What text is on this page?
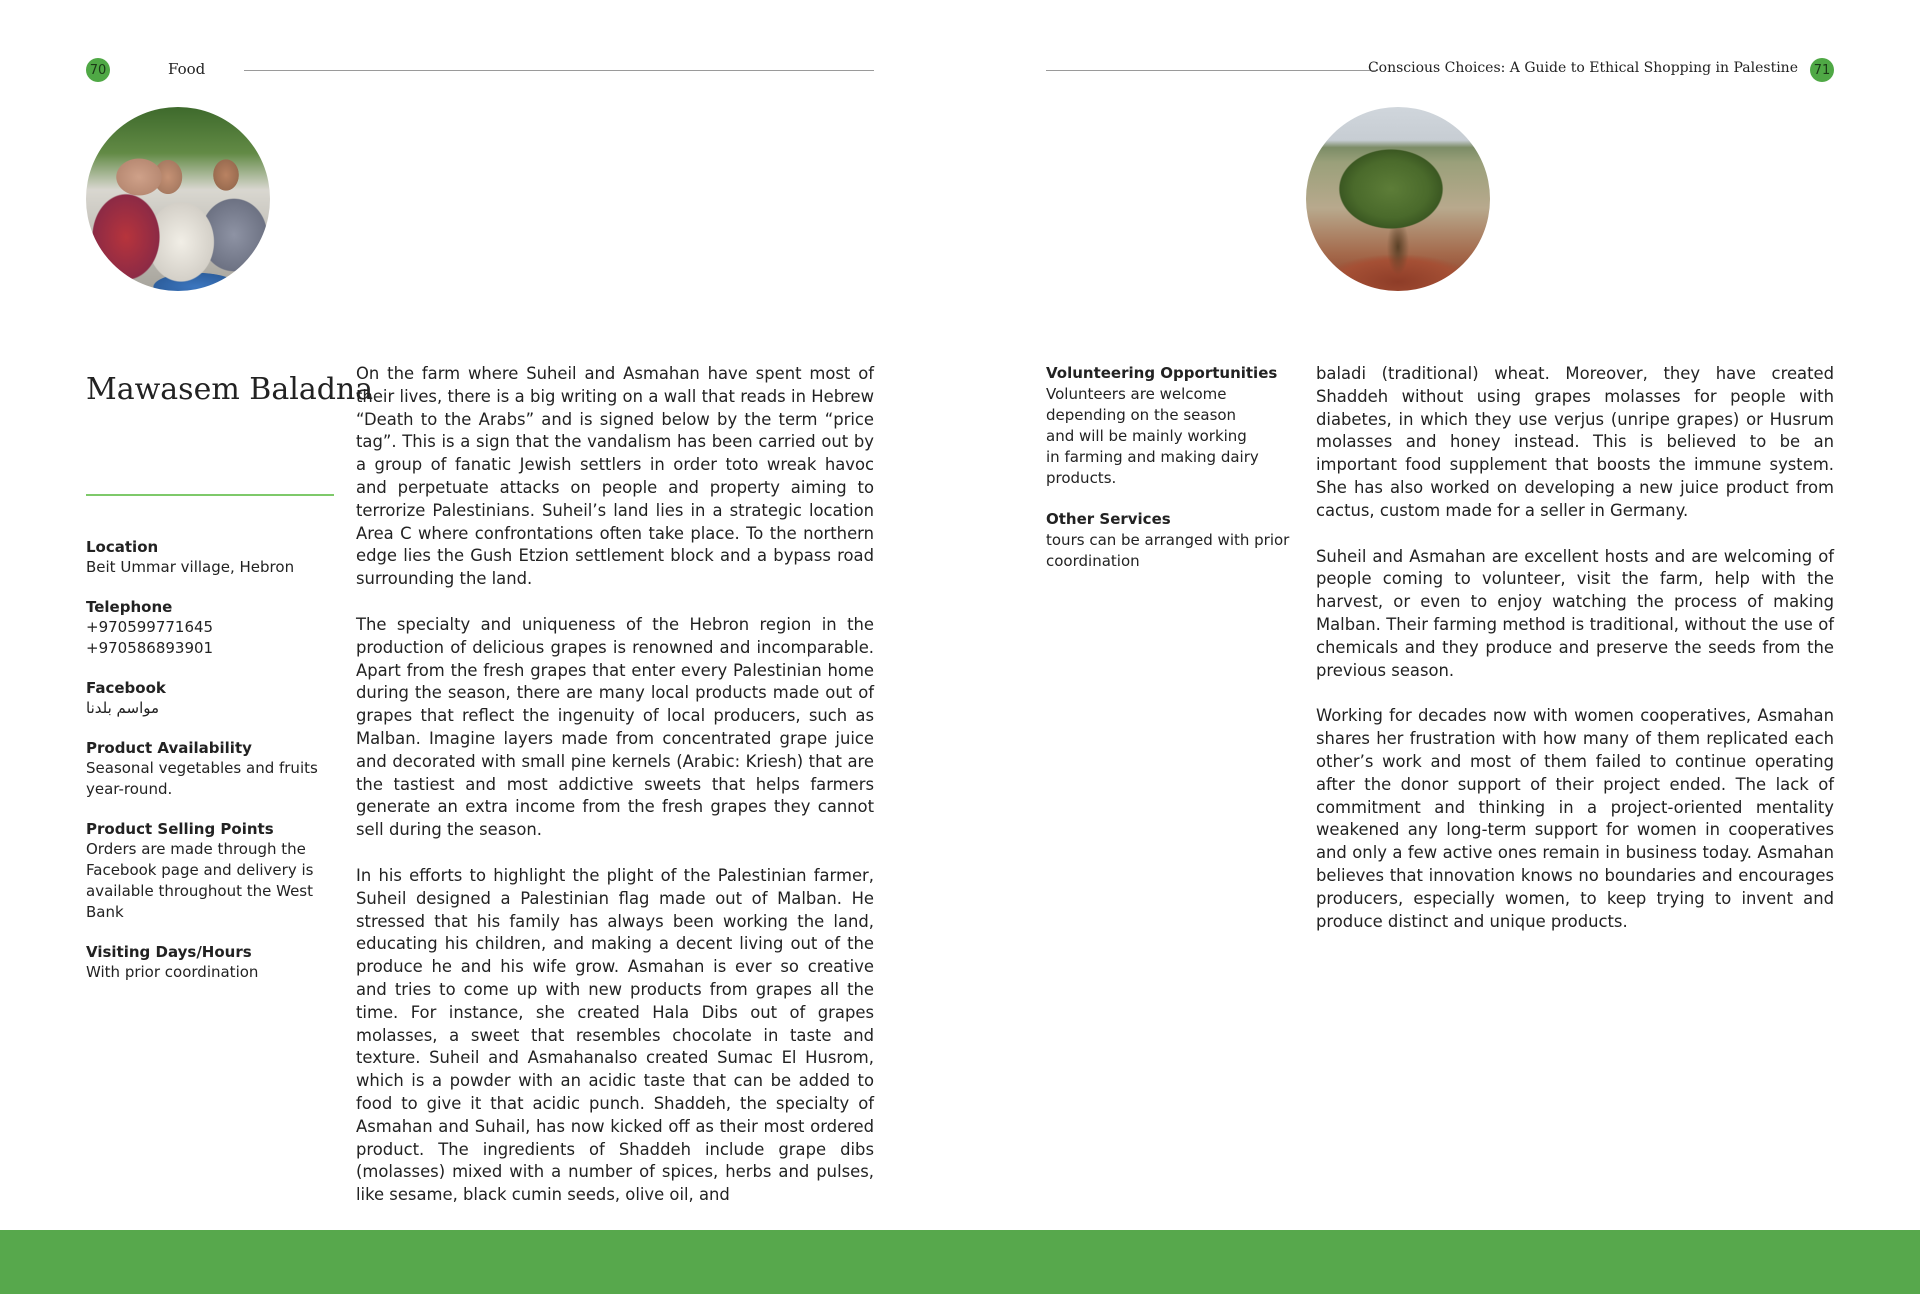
70	Food	Conscious Choices: A Guide to Ethical Shopping in Palestine 71
Mawasem Baladna
Location
Beit Ummar village, Hebron
Telephone
+970599771645
+970586893901
Facebook
مواسم بلدنا
Product Availability
Seasonal vegetables and fruits
year-round.
Product Selling Points
Orders are made through the
Facebook page and delivery is
available throughout the West
Bank
Visiting Days/Hours
With prior coordination

On the farm where Suheil and Asmahan have spent most of their lives, there is a big writing on a wall that reads in Hebrew “Death to the Arabs” and is signed below by the term “price tag”. This is a sign that the vandalism has been carried out by a group of fanatic Jewish settlers in order toto wreak havoc and perpetuate attacks on people and property aiming to terrorize Palestinians. Suheil’s land lies in a strategic location Area C where confrontations often take place. To the northern edge lies the Gush Etzion settlement block and a bypass road surrounding the land.

The specialty and uniqueness of the Hebron region in the production of delicious grapes is renowned and incomparable. Apart from the fresh grapes that enter every Palestinian home during the season, there are many local products made out of grapes that reflect the ingenuity of local producers, such as Malban. Imagine layers made from concentrated grape juice and decorated with small pine kernels (Arabic: Kriesh) that are the tastiest and most addictive sweets that helps farmers generate an extra income from the fresh grapes they cannot sell during the season.

In his efforts to highlight the plight of the Palestinian farmer, Suheil designed a Palestinian flag made out of Malban. He stressed that his family has always been working the land, educating his children, and making a decent living out of the produce he and his wife grow. Asmahan is ever so creative and tries to come up with new products from grapes all the time. For instance, she created Hala Dibs out of grapes molasses, a sweet that resembles chocolate in taste and texture. Suheil and Asmahanalso created Sumac El Husrom, which is a powder with an acidic taste that can be added to food to give it that acidic punch. Shaddeh, the specialty of Asmahan and Suhail, has now kicked off as their most ordered product. The ingredients of Shaddeh include grape dibs (molasses) mixed with a number of spices, herbs and pulses, like sesame, black cumin seeds, olive oil, and

Volunteering Opportunities
Volunteers are welcome
depending on the season
and will be mainly working
in farming and making dairy
products.
Other Services
tours can be arranged with prior
coordination

baladi (traditional) wheat. Moreover, they have created Shaddeh without using grapes molasses for people with diabetes, in which they use verjus (unripe grapes) or Husrum molasses and honey instead. This is believed to be an important food supplement that boosts the immune system. She has also worked on developing a new juice product from cactus, custom made for a seller in Germany.

Suheil and Asmahan are excellent hosts and are welcoming of people coming to volunteer, visit the farm, help with the harvest, or even to enjoy watching the process of making Malban. Their farming method is traditional, without the use of chemicals and they produce and preserve the seeds from the previous season.

Working for decades now with women cooperatives, Asmahan shares her frustration with how many of them replicated each other’s work and most of them failed to continue operating after the donor support of their project ended. The lack of commitment and thinking in a project-oriented mentality weakened any long-term support for women in cooperatives and only a few active ones remain in business today. Asmahan believes that innovation knows no boundaries and encourages producers, especially women, to keep trying to invent and produce distinct and unique products.
